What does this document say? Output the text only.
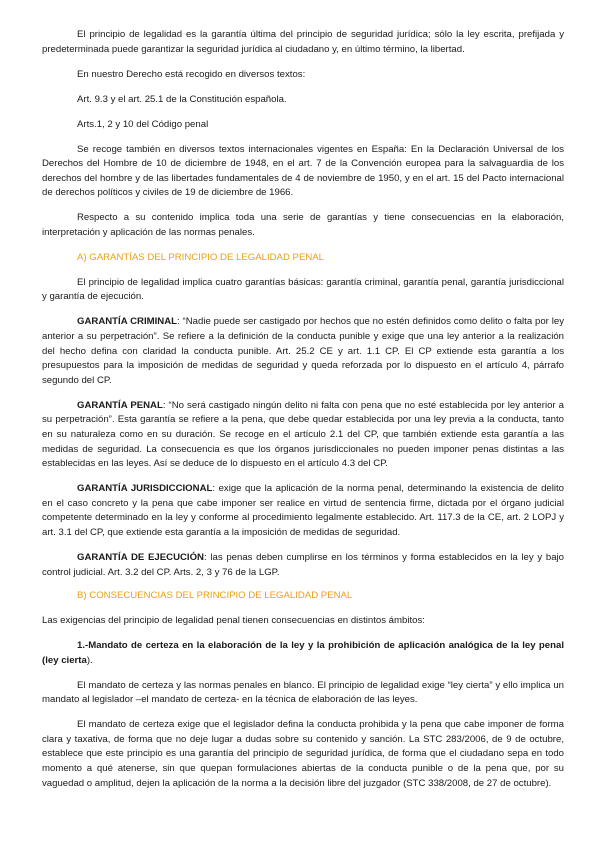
El principio de legalidad es la garantía última del principio de seguridad jurídica; sólo la ley escrita, prefijada y predeterminada puede garantizar la seguridad jurídica al ciudadano y, en último término, la libertad.

En nuestro Derecho está recogido en diversos textos:

Art. 9.3 y el art. 25.1 de la Constitución española.

Arts.1, 2 y 10 del Código penal

Se recoge también en diversos textos internacionales vigentes en España: En la Declaración Universal de los Derechos del Hombre de 10 de diciembre de 1948, en el art. 7 de la Convención europea para la salvaguardia de los derechos del hombre y de las libertades fundamentales de 4 de noviembre de 1950, y en el art. 15 del Pacto internacional de derechos políticos y civiles de 19 de diciembre de 1966.

Respecto a su contenido implica toda una serie de garantías y tiene consecuencias en la elaboración, interpretación y aplicación de las normas penales.

A) GARANTÍAS DEL PRINCIPIO DE LEGALIDAD PENAL

El principio de legalidad implica cuatro garantías básicas: garantía criminal, garantía penal, garantía jurisdiccional y garantía de ejecución.

GARANTÍA CRIMINAL: “Nadie puede ser castigado por hechos que no estén definidos como delito o falta por ley anterior a su perpetración”. Se refiere a la definición de la conducta punible y exige que una ley anterior a la realización del hecho defina con claridad la conducta punible. Art. 25.2 CE y art. 1.1 CP. El CP extiende esta garantía a los presupuestos para la imposición de medidas de seguridad y queda reforzada por lo dispuesto en el artículo 4, párrafo segundo del CP.

GARANTÍA PENAL: “No será castigado ningún delito ni falta con pena que no esté establecida por ley anterior a su perpetración”. Esta garantía se refiere a la pena, que debe quedar establecida por una ley previa a la conducta, tanto en su naturaleza como en su duración. Se recoge en el artículo 2.1 del CP, que también extiende esta garantía a las medidas de seguridad. La consecuencia es que los órganos jurisdiccionales no pueden imponer penas distintas a las establecidas en las leyes. Así se deduce de lo dispuesto en el artículo 4.3 del CP.

GARANTÍA JURISDICCIONAL: exige que la aplicación de la norma penal, determinando la existencia de delito en el caso concreto y la pena que cabe imponer ser realice en virtud de sentencia firme, dictada por el órgano judicial competente determinado en la ley y conforme al procedimiento legalmente establecido. Art. 117.3 de la CE, art. 2 LOPJ y art. 3.1 del CP, que extiende esta garantía a la imposición de medidas de seguridad.

GARANTÍA DE EJECUCIÓN: las penas deben cumplirse en los términos y forma establecidos en la ley y bajo control judicial. Art. 3.2 del CP. Arts. 2, 3 y 76 de la LGP.

B) CONSECUENCIAS DEL PRINCIPIO DE LEGALIDAD PENAL

Las exigencias del principio de legalidad penal tienen consecuencias en distintos ámbitos:

1.-Mandato de certeza en la elaboración de la ley y la prohibición de aplicación analógica de la ley penal (ley cierta).

El mandato de certeza y las normas penales en blanco. El principio de legalidad exige “ley cierta” y ello implica un mandato al legislador –el mandato de certeza- en la técnica de elaboración de las leyes.

El mandato de certeza exige que el legislador defina la conducta prohibida y la pena que cabe imponer de forma clara y taxativa, de forma que no deje lugar a dudas sobre su contenido y sanción. La STC 283/2006, de 9 de octubre, establece que este principio es una garantía del principio de seguridad jurídica, de forma que el ciudadano sepa en todo momento a qué atenerse, sin que quepan formulaciones abiertas de la conducta punible o de la pena que, por su vaguedad o amplitud, dejen la aplicación de la norma a la decisión libre del juzgador (STC 338/2008, de 27 de octubre).
